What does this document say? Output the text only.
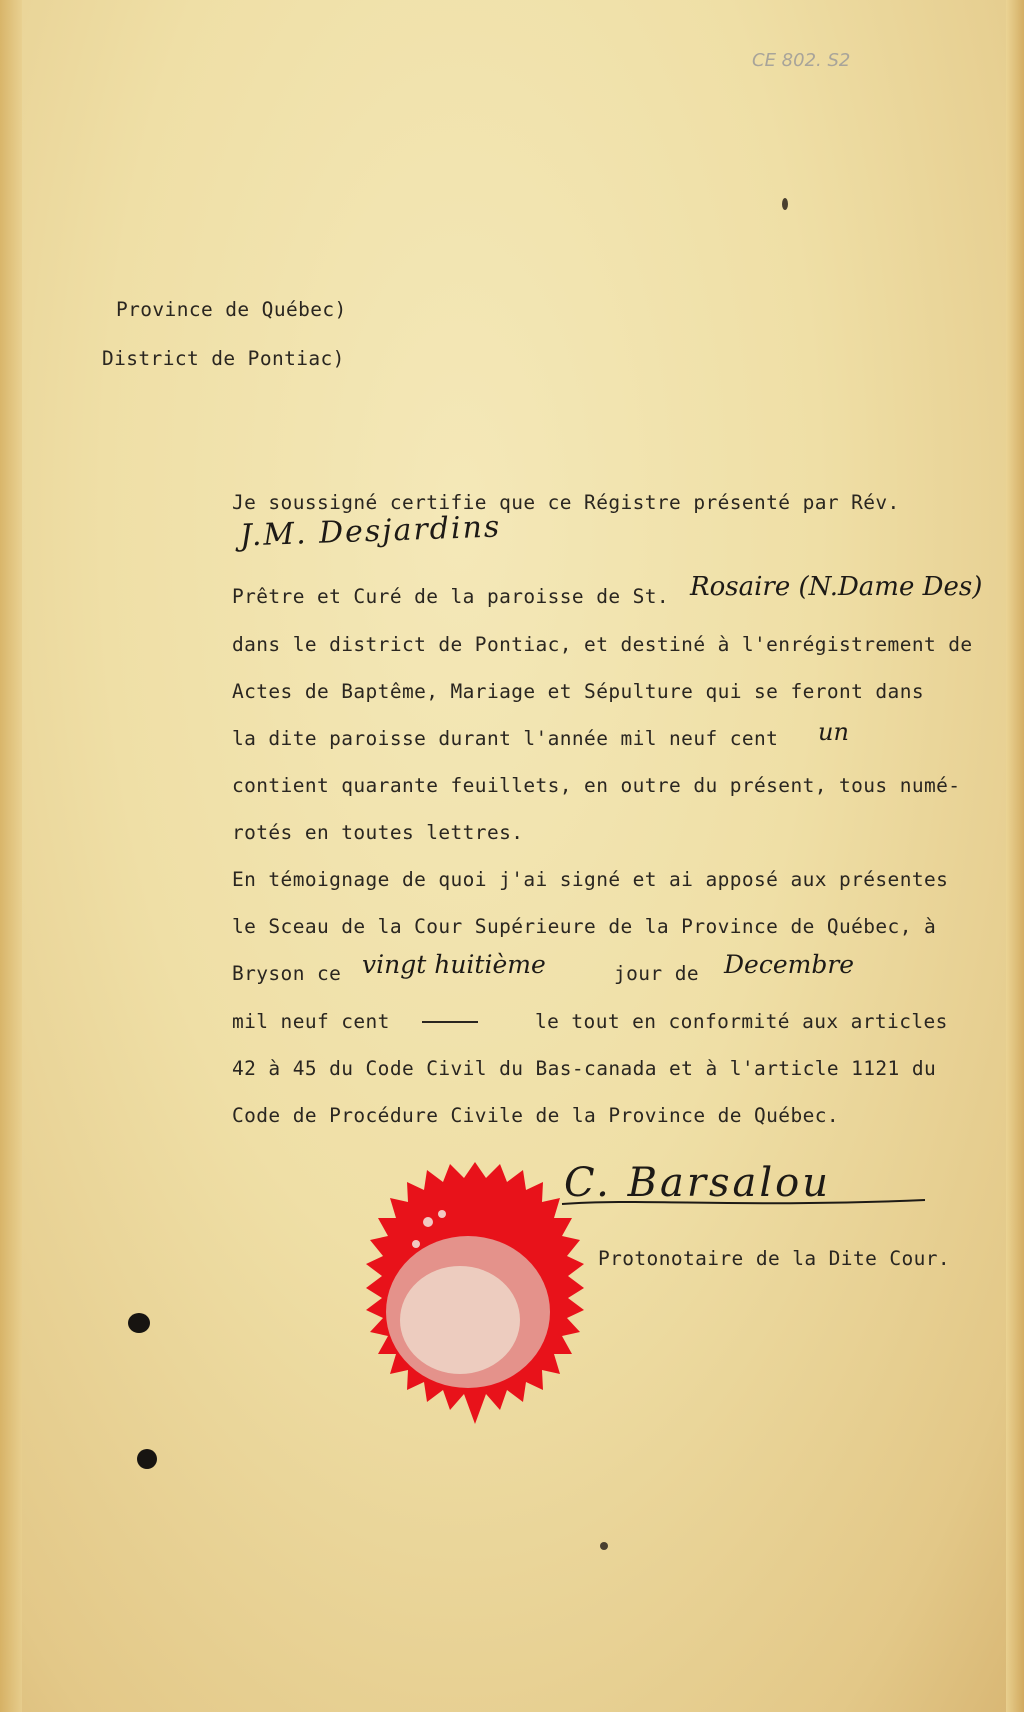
CE 802. S2
Province de Québec)
District de Pontiac)
Je soussigné certifie que ce Régistre présenté par Rév.
J.M. Desjardins
Prêtre et Curé de la paroisse de St. Rosaire (N.Dame Des)
dans le district de Pontiac, et destiné à l'enrégistrement de
Actes de Baptême, Mariage et Sépulture qui se feront dans
la dite paroisse durant l'année mil neuf cent un
contient quarante feuillets, en outre du présent, tous numé-
rotés en toutes lettres.
En témoignage de quoi j'ai signé et ai apposé aux présentes
le Sceau de la Cour Supérieure de la Province de Québec, à
Bryson ce vingt huitième	jour de Decembre
mil neuf cent	le tout en conformité aux articles
42 à 45 du Code Civil du Bas-canada et à l'article 1121 du
Code de Procédure Civile de la Province de Québec.
C. Barsalou
Protonotaire de la Dite Cour.
